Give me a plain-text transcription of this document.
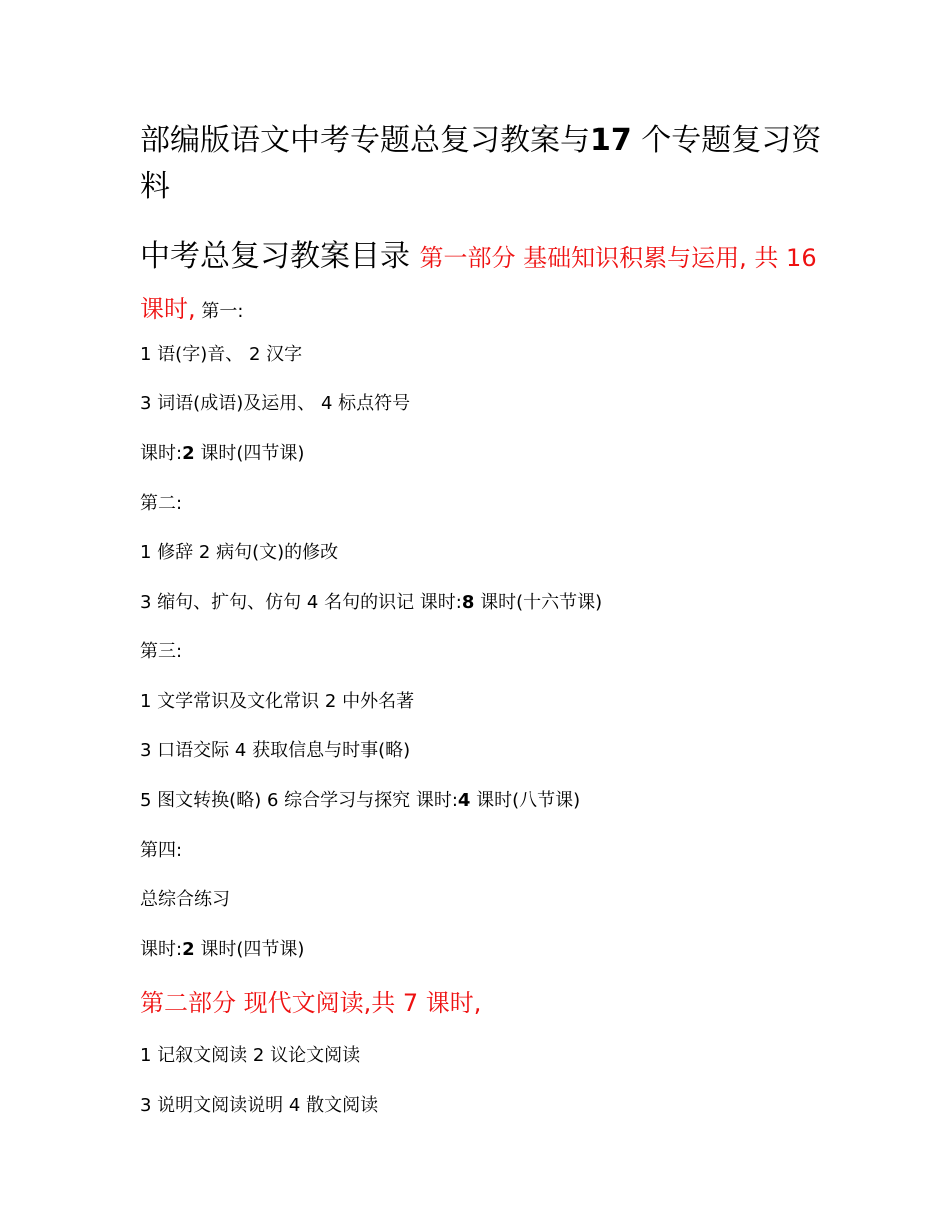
部编版语文中考专题总复习教案与17 个专题复习资料
中考总复习教案目录 第一部分 基础知识积累与运用, 共 16 课时, 第一:
1 语(字)音、 2 汉字
3 词语(成语)及运用、 4 标点符号
课时:2 课时(四节课)
第二:
1 修辞 2 病句(文)的修改
3 缩句、扩句、仿句 4 名句的识记 课时:8 课时(十六节课)
第三:
1 文学常识及文化常识 2 中外名著
3 口语交际 4 获取信息与时事(略)
5 图文转换(略) 6 综合学习与探究 课时:4 课时(八节课)
第四:
总综合练习
课时:2 课时(四节课)
第二部分 现代文阅读,共 7 课时,
1 记叙文阅读 2 议论文阅读
3 说明文阅读说明 4 散文阅读
